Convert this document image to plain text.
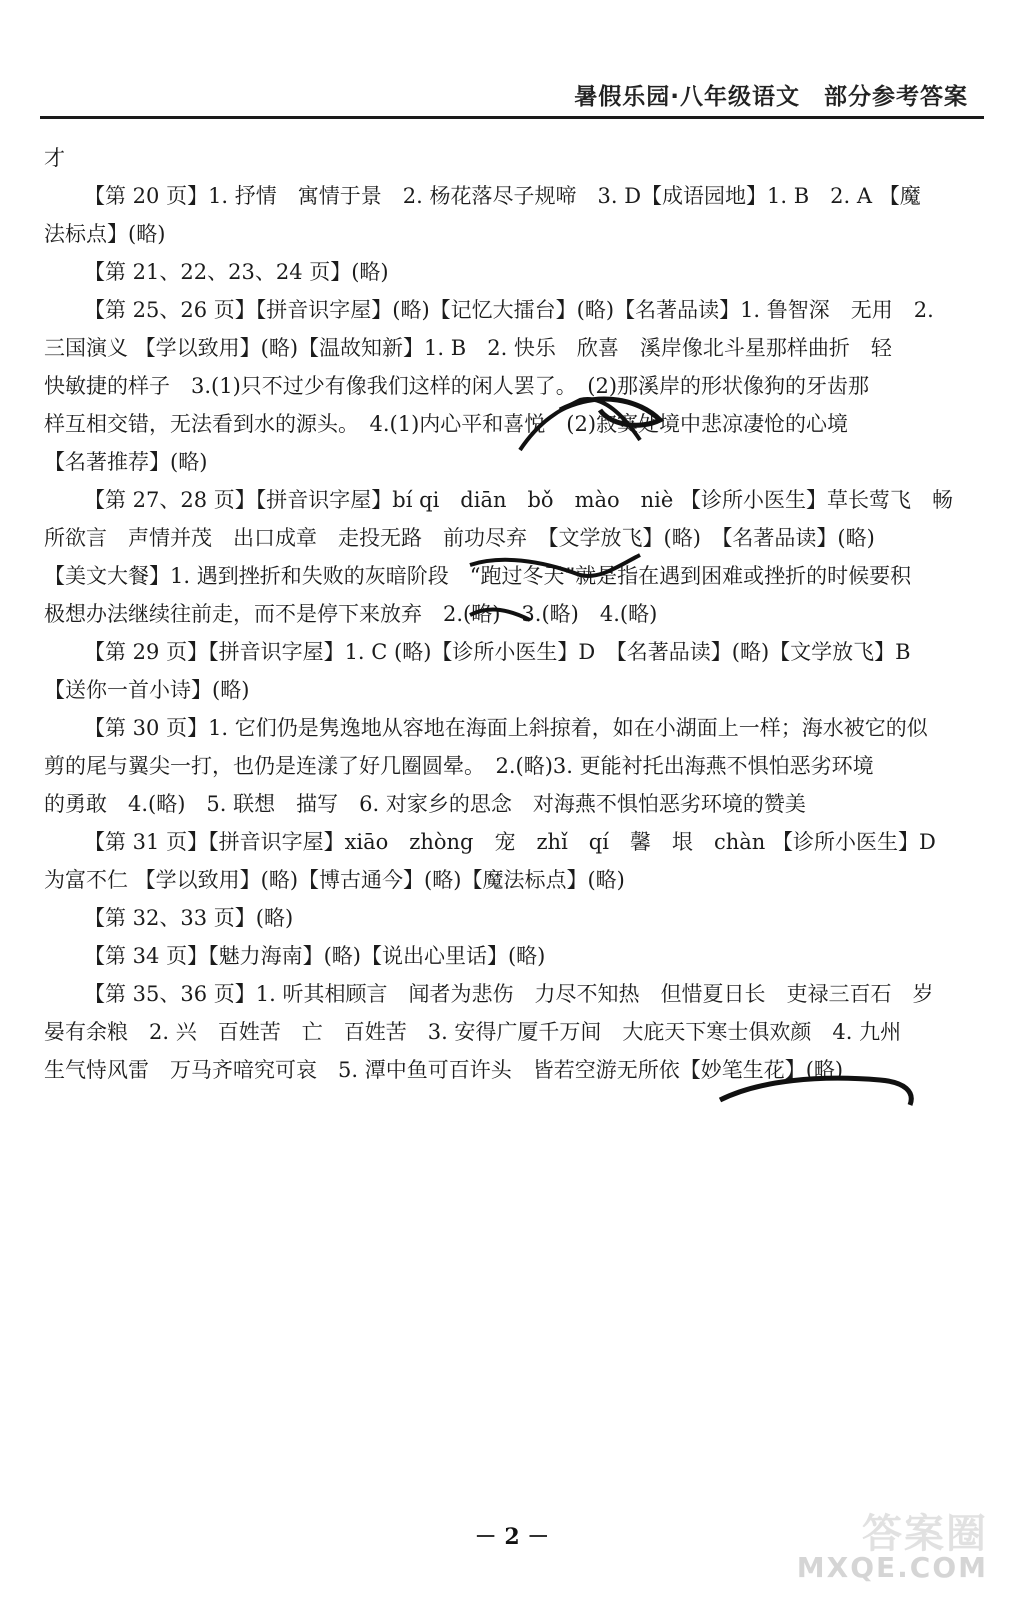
暑假乐园·八年级语文　部分参考答案
才
【第 20 页】1. 抒情　寓情于景　2. 杨花落尽子规啼　3. D【成语园地】1. B　2. A 【魔
法标点】(略)
【第 21、22、23、24 页】(略)
【第 25、26 页】【拼音识字屋】(略)【记忆大擂台】(略)【名著品读】1. 鲁智深　无用　2.
三国演义 【学以致用】(略)【温故知新】1. B　2. 快乐　欣喜　溪岸像北斗星那样曲折　轻
快敏捷的样子　3.(1)只不过少有像我们这样的闲人罢了。　(2)那溪岸的形状像狗的牙齿那
样互相交错，无法看到水的源头。　4.(1)内心平和喜悦　(2)寂寞处境中悲凉凄怆的心境
【名著推荐】(略)
【第 27、28 页】【拼音识字屋】bí qi　diān　bǒ　mào　niè 【诊所小医生】草长莺飞　畅
所欲言　声情并茂　出口成章　走投无路　前功尽弃　【文学放飞】(略)　【名著品读】(略)
【美文大餐】1. 遇到挫折和失败的灰暗阶段　“跑过冬天”就是指在遇到困难或挫折的时候要积
极想办法继续往前走，而不是停下来放弃　2.(略)　3.(略)　4.(略)
【第 29 页】【拼音识字屋】1. C (略)【诊所小医生】D　【名著品读】(略)【文学放飞】B
【送你一首小诗】(略)
【第 30 页】1. 它们仍是隽逸地从容地在海面上斜掠着，如在小湖面上一样；海水被它的似
剪的尾与翼尖一打，也仍是连漾了好几圈圆晕。　2.(略)3. 更能衬托出海燕不惧怕恶劣环境
的勇敢　4.(略)　5. 联想　描写　6. 对家乡的思念　对海燕不惧怕恶劣环境的赞美
【第 31 页】【拼音识字屋】xiāo　zhòng　宠　zhǐ　qí　馨　垠　chàn 【诊所小医生】D
为富不仁 【学以致用】(略)【博古通今】(略)【魔法标点】(略)
【第 32、33 页】(略)
【第 34 页】【魅力海南】(略)【说出心里话】(略)
【第 35、36 页】1. 听其相顾言　闻者为悲伤　力尽不知热　但惜夏日长　吏禄三百石　岁
晏有余粮　2. 兴　百姓苦　亡　百姓苦　3. 安得广厦千万间　大庇天下寒士俱欢颜　4. 九州
生气恃风雷　万马齐喑究可哀　5. 潭中鱼可百许头　皆若空游无所依【妙笔生花】(略)
－ 2 －	答案圈
MXQE.COM
